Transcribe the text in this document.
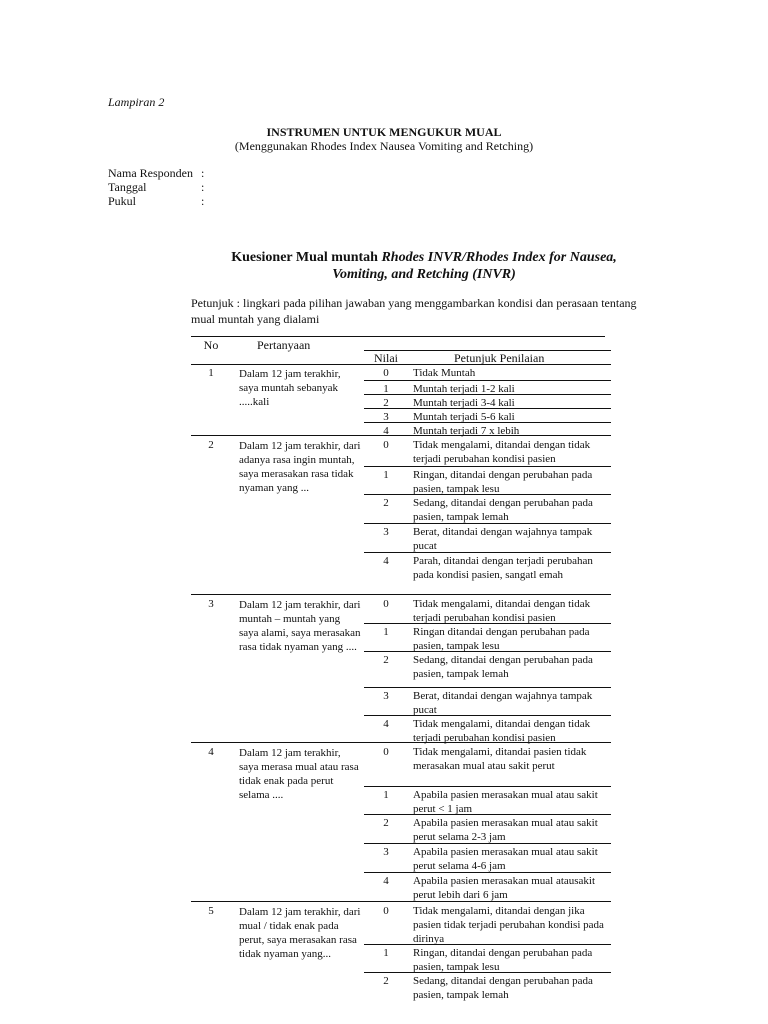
Lampiran 2
INSTRUMEN UNTUK MENGUKUR MUAL
(Menggunakan Rhodes Index Nausea Vomiting and Retching)
Nama Responden :
Tanggal	:
Pukul	:
Kuesioner Mual muntah Rhodes INVR/Rhodes Index for Nausea,
Vomiting, and Retching (INVR)
Petunjuk : lingkari pada pilihan jawaban yang menggambarkan kondisi dan perasaan tentang mual muntah yang dialami
No	Pertanyaan
Nilai	Petunjuk Penilaian
1	Dalam 12 jam terakhir, saya muntah sebanyak .....kali
0	Tidak Muntah
1	Muntah terjadi 1-2 kali
2	Muntah terjadi 3-4 kali
3	Muntah terjadi 5-6 kali
4	Muntah terjadi 7 x lebih
2	Dalam 12 jam terakhir, dari adanya rasa ingin muntah, saya merasakan rasa tidak nyaman yang ...
0	Tidak mengalami, ditandai dengan tidak terjadi perubahan kondisi pasien
1	Ringan, ditandai dengan perubahan pada pasien, tampak lesu
2	Sedang, ditandai dengan perubahan pada pasien, tampak lemah
3	Berat, ditandai dengan wajahnya tampak pucat
4	Parah, ditandai dengan terjadi perubahan pada kondisi pasien, sangatl emah
3	Dalam 12 jam terakhir, dari muntah – muntah yang saya alami, saya merasakan rasa tidak nyaman yang ....
0	Tidak mengalami, ditandai dengan tidak terjadi perubahan kondisi pasien
1	Ringan ditandai dengan perubahan pada pasien, tampak lesu
2	Sedang, ditandai dengan perubahan pada pasien, tampak lemah
3	Berat, ditandai dengan wajahnya tampak pucat
4	Tidak mengalami, ditandai dengan tidak terjadi perubahan kondisi pasien
4	Dalam 12 jam terakhir, saya merasa mual atau rasa tidak enak pada perut selama ....
0	Tidak mengalami, ditandai pasien tidak merasakan mual atau sakit perut
1	Apabila pasien merasakan mual atau sakit perut < 1 jam
2	Apabila pasien merasakan mual atau sakit perut selama 2-3 jam
3	Apabila pasien merasakan mual atau sakit perut selama 4-6 jam
4	Apabila pasien merasakan mual atausakit perut lebih dari 6 jam
5	Dalam 12 jam terakhir, dari mual / tidak enak pada perut, saya merasakan rasa tidak nyaman yang...
0	Tidak mengalami, ditandai dengan jika pasien tidak terjadi perubahan kondisi pada dirinya
1	Ringan, ditandai dengan perubahan pada pasien, tampak lesu
2	Sedang, ditandai dengan perubahan pada pasien, tampak lemah
